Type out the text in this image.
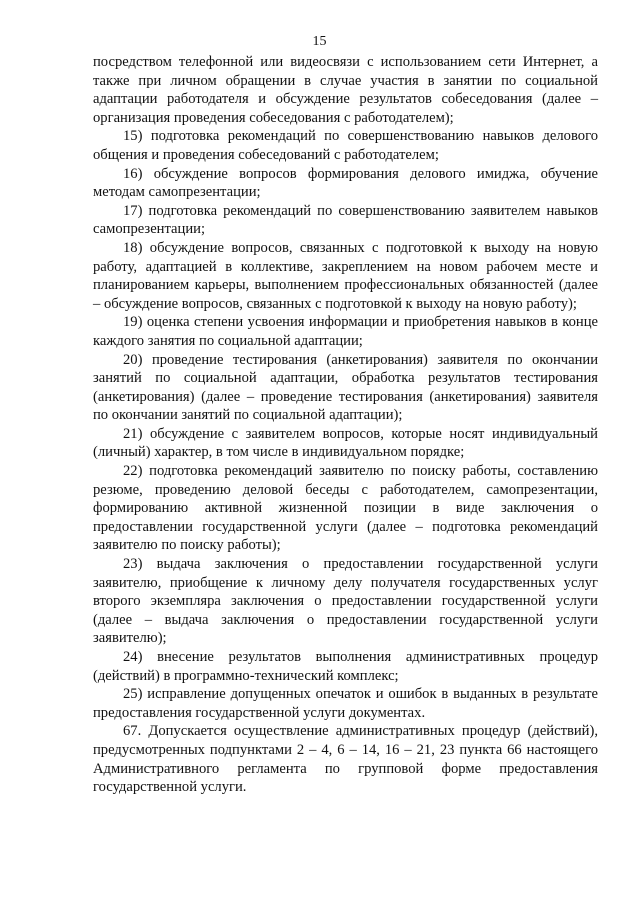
15

посредством телефонной или видеосвязи с использованием сети Интернет, а также при личном обращении в случае участия в занятии по социальной адаптации работодателя и обсуждение результатов собеседования (далее – организация проведения собеседования с работодателем);

15) подготовка рекомендаций по совершенствованию навыков делового общения и проведения собеседований с работодателем;

16) обсуждение вопросов формирования делового имиджа, обучение методам самопрезентации;

17) подготовка рекомендаций по совершенствованию заявителем навыков самопрезентации;

18) обсуждение вопросов, связанных с подготовкой к выходу на новую работу, адаптацией в коллективе, закреплением на новом рабочем месте и планированием карьеры, выполнением профессиональных обязанностей (далее – обсуждение вопросов, связанных с подготовкой к выходу на новую работу);

19) оценка степени усвоения информации и приобретения навыков в конце каждого занятия по социальной адаптации;

20) проведение тестирования (анкетирования) заявителя по окончании занятий по социальной адаптации, обработка результатов тестирования (анкетирования) (далее – проведение тестирования (анкетирования) заявителя по окончании занятий по социальной адаптации);

21) обсуждение с заявителем вопросов, которые носят индивидуальный (личный) характер, в том числе в индивидуальном порядке;

22) подготовка рекомендаций заявителю по поиску работы, составлению резюме, проведению деловой беседы с работодателем, самопрезентации, формированию активной жизненной позиции в виде заключения о предоставлении государственной услуги (далее – подготовка рекомендаций заявителю по поиску работы);

23) выдача заключения о предоставлении государственной услуги заявителю, приобщение к личному делу получателя государственных услуг второго экземпляра заключения о предоставлении государственной услуги (далее – выдача заключения о предоставлении государственной услуги заявителю);

24) внесение результатов выполнения административных процедур (действий) в программно-технический комплекс;

25) исправление допущенных опечаток и ошибок в выданных в результате предоставления государственной услуги документах.

67. Допускается осуществление административных процедур (действий), предусмотренных подпунктами 2 – 4, 6 – 14, 16 – 21, 23 пункта 66 настоящего Административного регламента по групповой форме предоставления государственной услуги.
